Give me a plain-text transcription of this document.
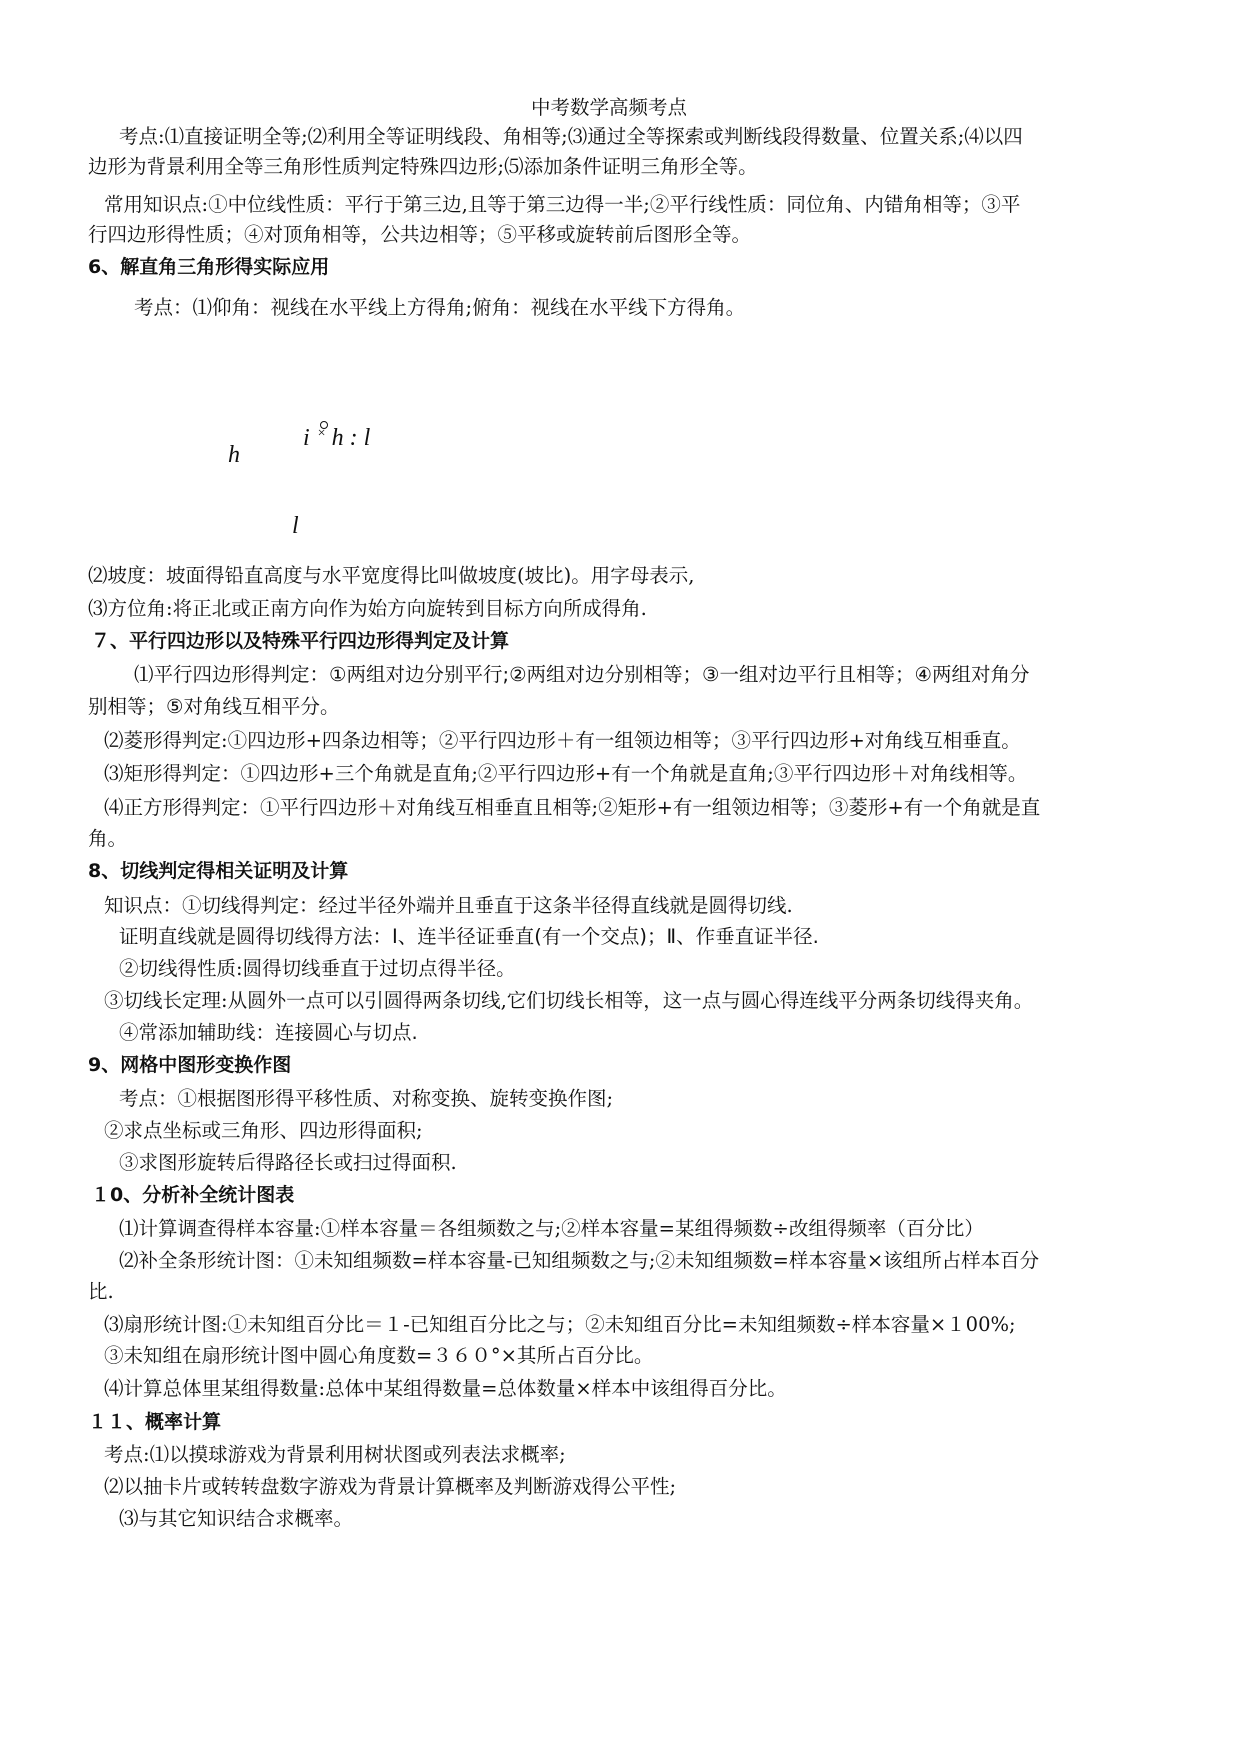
中考数学高频考点
考点:⑴直接证明全等;⑵利用全等证明线段、角相等;⑶通过全等探索或判断线段得数量、位置关系;⑷以四
边形为背景利用全等三角形性质判定特殊四边形;⑸添加条件证明三角形全等。
常用知识点:①中位线性质：平行于第三边,且等于第三边得一半;②平行线性质：同位角、内错角相等；③平
行四边形得性质；④对顶角相等，公共边相等；⑤平移或旋转前后图形全等。
6、解直角三角形得实际应用
考点：⑴仰角：视线在水平线上方得角;俯角：视线在水平线下方得角。
h
i × h : l
l
⑵坡度：坡面得铅直高度与水平宽度得比叫做坡度(坡比)。用字母表示,
⑶方位角:将正北或正南方向作为始方向旋转到目标方向所成得角.
７、平行四边形以及特殊平行四边形得判定及计算
⑴平行四边形得判定：①两组对边分别平行;②两组对边分别相等；③一组对边平行且相等；④两组对角分
别相等；⑤对角线互相平分。
⑵菱形得判定:①四边形+四条边相等；②平行四边形＋有一组领边相等；③平行四边形+对角线互相垂直。
⑶矩形得判定：①四边形+三个角就是直角;②平行四边形+有一个角就是直角;③平行四边形＋对角线相等。
⑷正方形得判定：①平行四边形＋对角线互相垂直且相等;②矩形+有一组领边相等；③菱形+有一个角就是直
角。
8、切线判定得相关证明及计算
知识点：①切线得判定：经过半径外端并且垂直于这条半径得直线就是圆得切线.
证明直线就是圆得切线得方法：Ⅰ、连半径证垂直(有一个交点)；Ⅱ、作垂直证半径.
②切线得性质:圆得切线垂直于过切点得半径。
③切线长定理:从圆外一点可以引圆得两条切线,它们切线长相等，这一点与圆心得连线平分两条切线得夹角。
④常添加辅助线：连接圆心与切点.
9、网格中图形变换作图
考点：①根据图形得平移性质、对称变换、旋转变换作图;
②求点坐标或三角形、四边形得面积;
③求图形旋转后得路径长或扫过得面积.
１0、分析补全统计图表
⑴计算调查得样本容量:①样本容量＝各组频数之与;②样本容量=某组得频数÷改组得频率（百分比）
⑵补全条形统计图：①未知组频数=样本容量-已知组频数之与;②未知组频数=样本容量×该组所占样本百分
比.
⑶扇形统计图:①未知组百分比＝１-已知组百分比之与；②未知组百分比=未知组频数÷样本容量×１00%;
③未知组在扇形统计图中圆心角度数=３６０°×其所占百分比。
⑷计算总体里某组得数量:总体中某组得数量=总体数量×样本中该组得百分比。
１１、概率计算
考点:⑴以摸球游戏为背景利用树状图或列表法求概率;
⑵以抽卡片或转转盘数字游戏为背景计算概率及判断游戏得公平性;
⑶与其它知识结合求概率。
